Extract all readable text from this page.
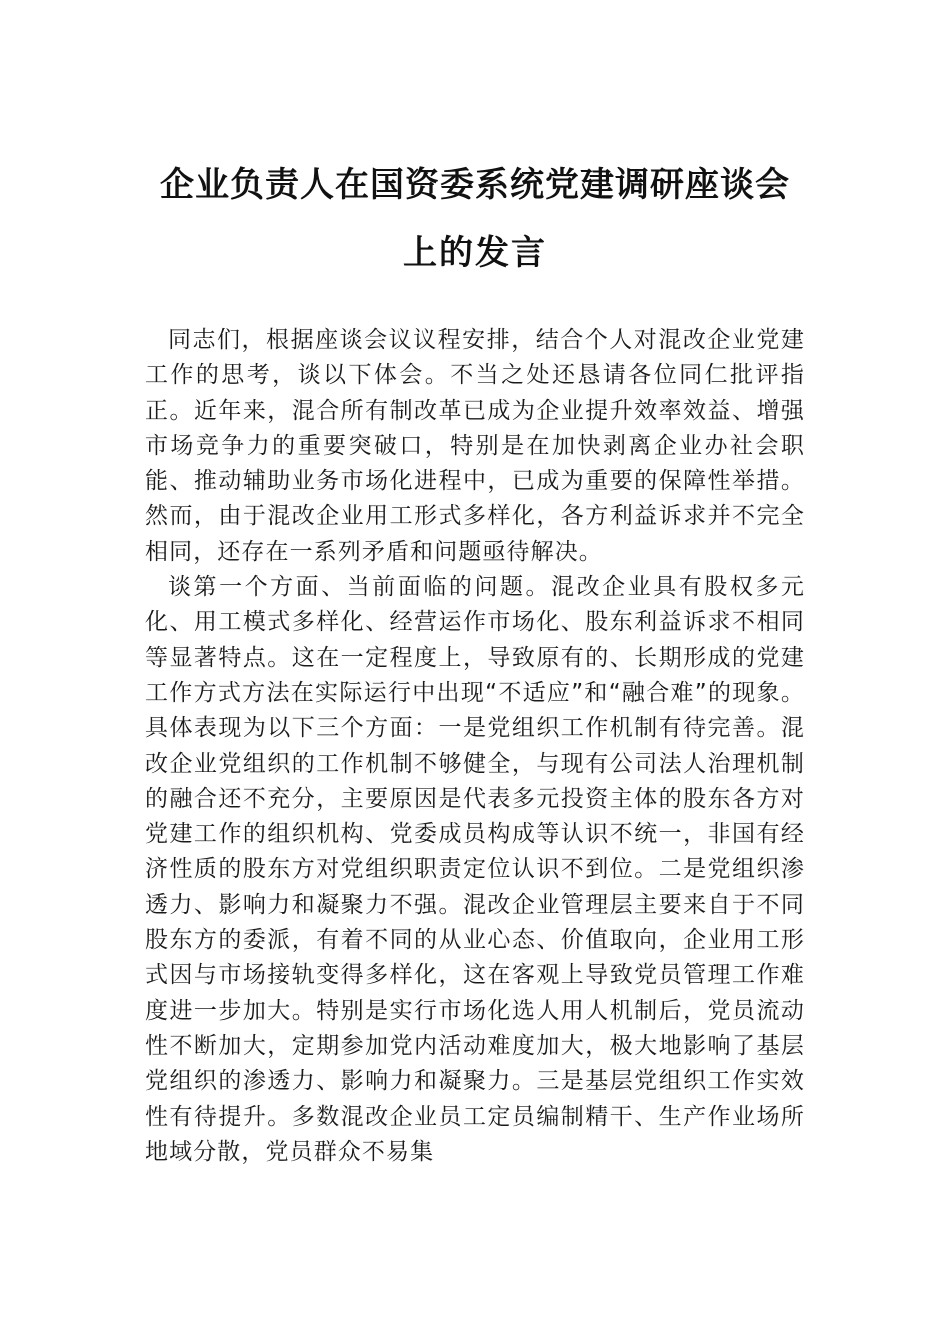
企业负责人在国资委系统党建调研座谈会
上的发言

同志们，根据座谈会议议程安排，结合个人对混改企业党建工作的思考，谈以下体会。不当之处还恳请各位同仁批评指正。近年来，混合所有制改革已成为企业提升效率效益、增强市场竞争力的重要突破口，特别是在加快剥离企业办社会职能、推动辅助业务市场化进程中，已成为重要的保障性举措。然而，由于混改企业用工形式多样化，各方利益诉求并不完全相同，还存在一系列矛盾和问题亟待解决。

谈第一个方面、当前面临的问题。混改企业具有股权多元化、用工模式多样化、经营运作市场化、股东利益诉求不相同等显著特点。这在一定程度上，导致原有的、长期形成的党建工作方式方法在实际运行中出现“不适应”和“融合难”的现象。具体表现为以下三个方面：一是党组织工作机制有待完善。混改企业党组织的工作机制不够健全，与现有公司法人治理机制的融合还不充分，主要原因是代表多元投资主体的股东各方对党建工作的组织机构、党委成员构成等认识不统一，非国有经济性质的股东方对党组织职责定位认识不到位。二是党组织渗透力、影响力和凝聚力不强。混改企业管理层主要来自于不同股东方的委派，有着不同的从业心态、价值取向，企业用工形式因与市场接轨变得多样化，这在客观上导致党员管理工作难度进一步加大。特别是实行市场化选人用人机制后，党员流动性不断加大，定期参加党内活动难度加大，极大地影响了基层党组织的渗透力、影响力和凝聚力。三是基层党组织工作实效性有待提升。多数混改企业员工定员编制精干、生产作业场所地域分散，党员群众不易集
